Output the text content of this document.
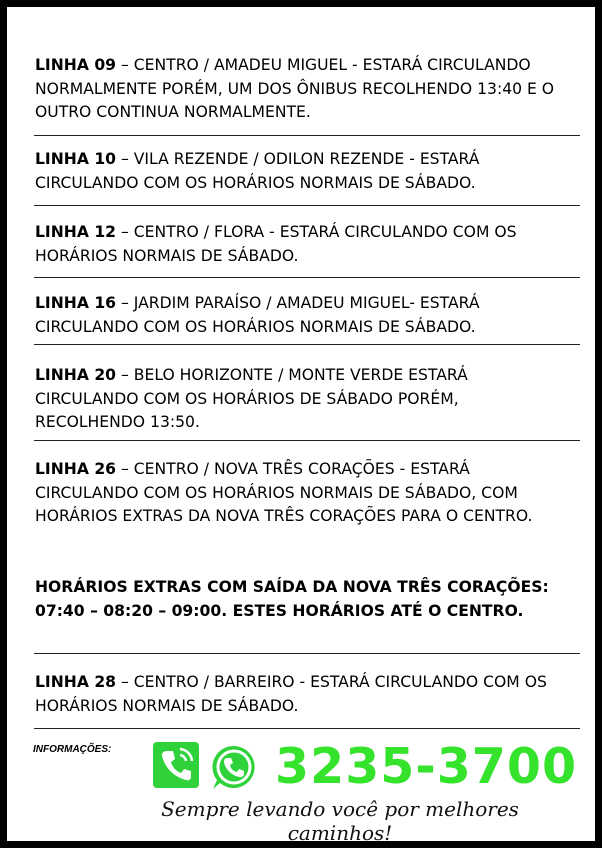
LINHA 09 – CENTRO / AMADEU MIGUEL - ESTARÁ CIRCULANDO NORMALMENTE PORÉM, UM DOS ÔNIBUS RECOLHENDO 13:40 E O OUTRO CONTINUA NORMALMENTE.
LINHA 10 – VILA REZENDE / ODILON REZENDE - ESTARÁ CIRCULANDO COM OS HORÁRIOS NORMAIS DE SÁBADO.
LINHA 12 – CENTRO / FLORA - ESTARÁ CIRCULANDO COM OS HORÁRIOS NORMAIS DE SÁBADO.
LINHA 16 – JARDIM PARAÍSO / AMADEU MIGUEL- ESTARÁ CIRCULANDO COM OS HORÁRIOS NORMAIS DE SÁBADO.
LINHA 20 – BELO HORIZONTE / MONTE VERDE ESTARÁ CIRCULANDO COM OS HORÁRIOS DE SÁBADO PORÉM, RECOLHENDO 13:50.
LINHA 26 – CENTRO / NOVA TRÊS CORAÇÕES - ESTARÁ CIRCULANDO COM OS HORÁRIOS NORMAIS DE SÁBADO, COM HORÁRIOS EXTRAS DA NOVA TRÊS CORAÇÕES PARA O CENTRO.
HORÁRIOS EXTRAS COM SAÍDA DA NOVA TRÊS CORAÇÕES: 07:40 – 08:20 – 09:00. ESTES HORÁRIOS ATÉ O CENTRO.
LINHA 28 – CENTRO / BARREIRO - ESTARÁ CIRCULANDO COM OS HORÁRIOS NORMAIS DE SÁBADO.
INFORMAÇÕES:	3235-3700
Sempre levando você por melhores caminhos!
